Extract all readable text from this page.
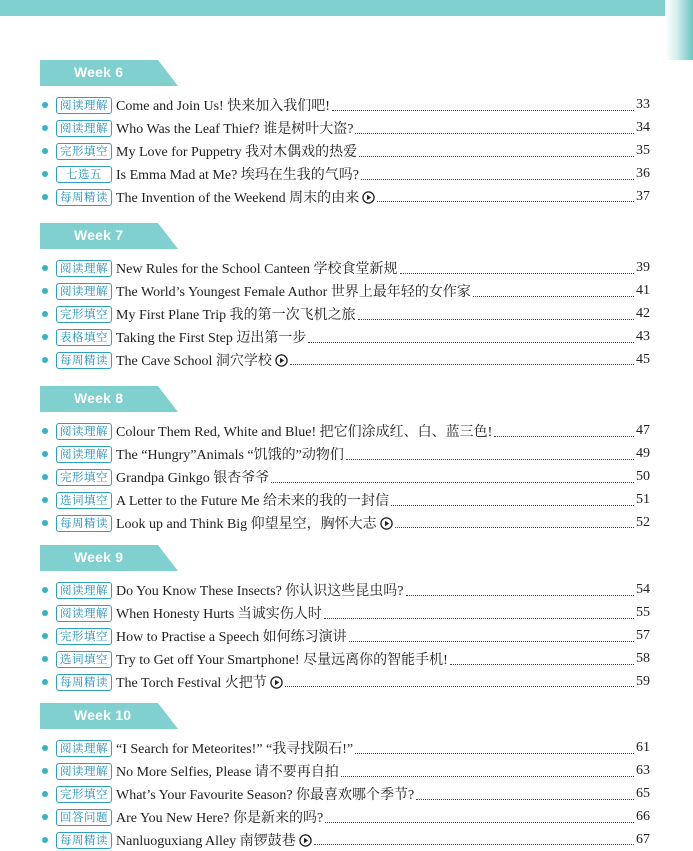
Week 6
阅读理解 Come and Join Us! 快来加入我们吧!	33
阅读理解 Who Was the Leaf Thief? 谁是树叶大盗?	34
完形填空 My Love for Puppetry 我对木偶戏的热爱	35
七选五	Is Emma Mad at Me? 埃玛在生我的气吗?	36
每周精读 The Invention of the Weekend 周末的由来	37
Week 7
阅读理解 New Rules for the School Canteen 学校食堂新规	39
阅读理解 The World’s Youngest Female Author 世界上最年轻的女作家	41
完形填空 My First Plane Trip 我的第一次飞机之旅	42
表格填空 Taking the First Step 迈出第一步	43
每周精读 The Cave School 洞穴学校	45
Week 8
阅读理解 Colour Them Red, White and Blue! 把它们涂成红、白、蓝三色!	47
阅读理解 The “Hungry”Animals “饥饿的”动物们	49
完形填空 Grandpa Ginkgo 银杏爷爷	50
选词填空 A Letter to the Future Me 给未来的我的一封信	51
每周精读 Look up and Think Big 仰望星空，胸怀大志	52
Week 9
阅读理解 Do You Know These Insects? 你认识这些昆虫吗?	54
阅读理解 When Honesty Hurts 当诚实伤人时	55
完形填空 How to Practise a Speech 如何练习演讲	57
选词填空 Try to Get off Your Smartphone! 尽量远离你的智能手机!	58
每周精读 The Torch Festival 火把节	59
Week 10
阅读理解 “I Search for Meteorites!” “我寻找陨石!”	61
阅读理解 No More Selfies, Please 请不要再自拍	63
完形填空 What’s Your Favourite Season? 你最喜欢哪个季节?	65
回答问题 Are You New Here? 你是新来的吗?	66
每周精读 Nanluoguxiang Alley 南锣鼓巷	67
